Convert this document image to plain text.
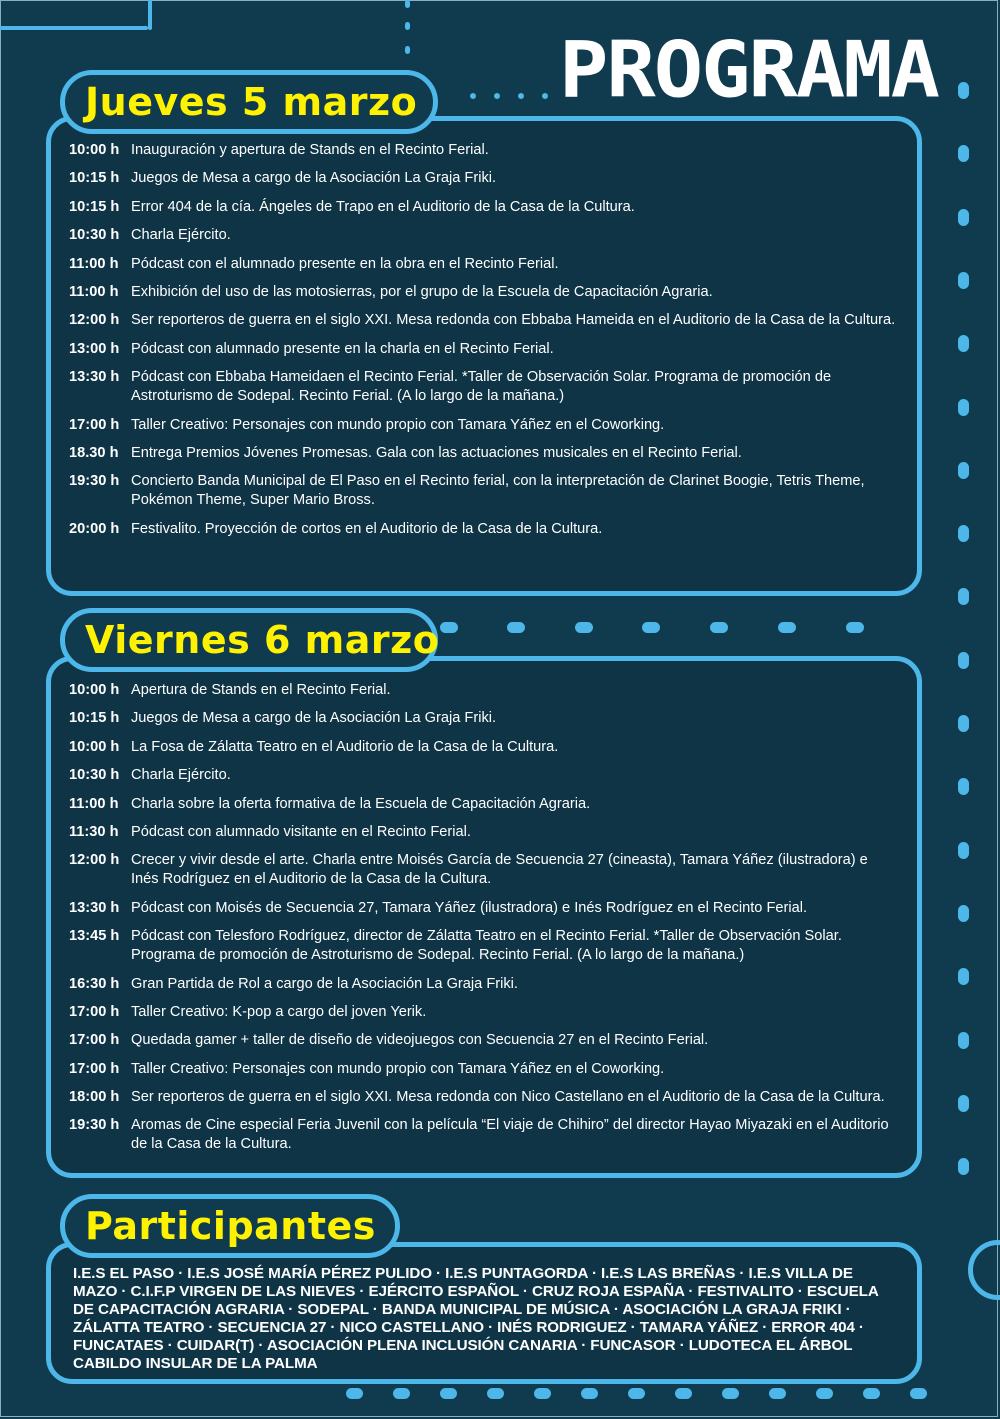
PROGRAMA
Jueves 5 marzo
10:00 h Inauguración y apertura de Stands en el Recinto Ferial.
10:15 h Juegos de Mesa a cargo de la Asociación La Graja Friki.
10:15 h Error 404 de la cía. Ángeles de Trapo en el Auditorio de la Casa de la Cultura.
10:30 h Charla Ejército.
11:00 h Pódcast con el alumnado presente en la obra en el Recinto Ferial.
11:00 h Exhibición del uso de las motosierras, por el grupo de la Escuela de Capacitación Agraria.
12:00 h Ser reporteros de guerra en el siglo XXI. Mesa redonda con Ebbaba Hameida en el Auditorio de la Casa de la Cultura.
13:00 h Pódcast con alumnado presente en la charla en el Recinto Ferial.
13:30 h Pódcast con Ebbaba Hameidaen el Recinto Ferial. *Taller de Observación Solar. Programa de promoción de Astroturismo de Sodepal. Recinto Ferial. (A lo largo de la mañana.)
17:00 h Taller Creativo: Personajes con mundo propio con Tamara Yáñez en el Coworking.
18.30 h Entrega Premios Jóvenes Promesas. Gala con las actuaciones musicales en el Recinto Ferial.
19:30 h Concierto Banda Municipal de El Paso en el Recinto ferial, con la interpretación de Clarinet Boogie, Tetris Theme, Pokémon Theme, Super Mario Bross.
20:00 h Festivalito. Proyección de cortos en el Auditorio de la Casa de la Cultura.
Viernes 6 marzo
10:00 h Apertura de Stands en el Recinto Ferial.
10:15 h Juegos de Mesa a cargo de la Asociación La Graja Friki.
10:00 h La Fosa de Zálatta Teatro en el Auditorio de la Casa de la Cultura.
10:30 h Charla Ejército.
11:00 h Charla sobre la oferta formativa de la Escuela de Capacitación Agraria.
11:30 h Pódcast con alumnado visitante en el Recinto Ferial.
12:00 h Crecer y vivir desde el arte. Charla entre Moisés García de Secuencia 27 (cineasta), Tamara Yáñez (ilustradora) e Inés Rodríguez en el Auditorio de la Casa de la Cultura.
13:30 h Pódcast con Moisés de Secuencia 27, Tamara Yáñez (ilustradora) e Inés Rodríguez en el Recinto Ferial.
13:45 h Pódcast con Telesforo Rodríguez, director de Zálatta Teatro en el Recinto Ferial. *Taller de Observación Solar. Programa de promoción de Astroturismo de Sodepal. Recinto Ferial. (A lo largo de la mañana.)
16:30 h Gran Partida de Rol a cargo de la Asociación La Graja Friki.
17:00 h Taller Creativo: K-pop a cargo del joven Yerik.
17:00 h Quedada gamer + taller de diseño de videojuegos con Secuencia 27 en el Recinto Ferial.
17:00 h Taller Creativo: Personajes con mundo propio con Tamara Yáñez en el Coworking.
18:00 h Ser reporteros de guerra en el siglo XXI. Mesa redonda con Nico Castellano en el Auditorio de la Casa de la Cultura.
19:30 h Aromas de Cine especial Feria Juvenil con la película “El viaje de Chihiro” del director Hayao Miyazaki en el Auditorio de la Casa de la Cultura.
Participantes
I.E.S EL PASO · I.E.S JOSÉ MARÍA PÉREZ PULIDO · I.E.S PUNTAGORDA · I.E.S LAS BREÑAS · I.E.S VILLA DE MAZO · C.I.F.P VIRGEN DE LAS NIEVES · EJÉRCITO ESPAÑOL · CRUZ ROJA ESPAÑA · FESTIVALITO · ESCUELA DE CAPACITACIÓN AGRARIA · SODEPAL · BANDA MUNICIPAL DE MÚSICA · ASOCIACIÓN LA GRAJA FRIKI · ZÁLATTA TEATRO · SECUENCIA 27 · NICO CASTELLANO · INÉS RODRIGUEZ · TAMARA YÁÑEZ · ERROR 404 · FUNCATAES · CUIDAR(T) · ASOCIACIÓN PLENA INCLUSIÓN CANARIA · FUNCASOR · LUDOTECA EL ÁRBOL CABILDO INSULAR DE LA PALMA
